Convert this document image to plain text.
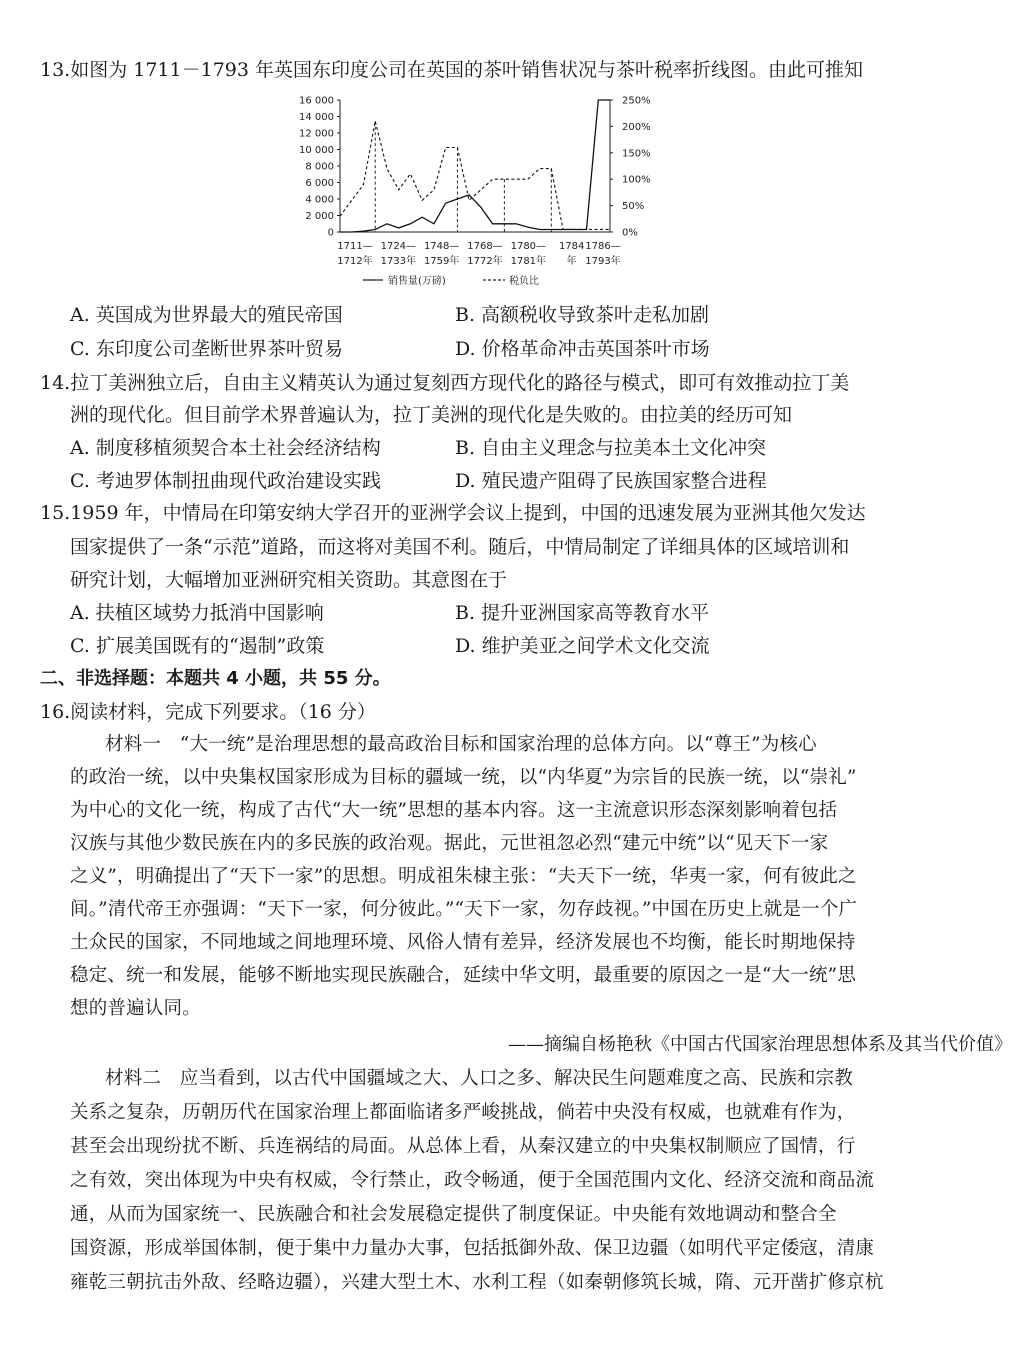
13.如图为 1711－1793 年英国东印度公司在英国的茶叶销售状况与茶叶税率折线图。由此可推知
16 000
14 000
12 000
10 000
8 000
6 000
4 000
2 000
0
250%
200%
150%
100%
50%
0%
1711—
1712年
1724—
1733年
1748—
1759年
1768—
1772年
1780—
1781年
1784
年
1786—
1793年
销售量(万磅)	税负比
A. 英国成为世界最大的殖民帝国	B. 高额税收导致茶叶走私加剧
C. 东印度公司垄断世界茶叶贸易	D. 价格革命冲击英国茶叶市场
14.拉丁美洲独立后，自由主义精英认为通过复刻西方现代化的路径与模式，即可有效推动拉丁美
洲的现代化。但目前学术界普遍认为，拉丁美洲的现代化是失败的。由拉美的经历可知
A. 制度移植须契合本土社会经济结构	B. 自由主义理念与拉美本土文化冲突
C. 考迪罗体制扭曲现代政治建设实践	D. 殖民遗产阻碍了民族国家整合进程
15.1959 年，中情局在印第安纳大学召开的亚洲学会议上提到，中国的迅速发展为亚洲其他欠发达
国家提供了一条“示范”道路，而这将对美国不利。随后，中情局制定了详细具体的区域培训和
研究计划，大幅增加亚洲研究相关资助。其意图在于
A. 扶植区域势力抵消中国影响	B. 提升亚洲国家高等教育水平
C. 扩展美国既有的“遏制”政策	D. 维护美亚之间学术文化交流
二、非选择题：本题共 4 小题，共 55 分。
16.阅读材料，完成下列要求。（16 分）
材料一　“大一统”是治理思想的最高政治目标和国家治理的总体方向。以“尊王”为核心
的政治一统，以中央集权国家形成为目标的疆域一统，以“内华夏”为宗旨的民族一统，以“崇礼”
为中心的文化一统，构成了古代“大一统”思想的基本内容。这一主流意识形态深刻影响着包括
汉族与其他少数民族在内的多民族的政治观。据此，元世祖忽必烈“建元中统”以“见天下一家
之义”，明确提出了“天下一家”的思想。明成祖朱棣主张：“夫天下一统，华夷一家，何有彼此之
间。”清代帝王亦强调：“天下一家，何分彼此。”“天下一家，勿存歧视。”中国在历史上就是一个广
土众民的国家，不同地域之间地理环境、风俗人情有差异，经济发展也不均衡，能长时期地保持
稳定、统一和发展，能够不断地实现民族融合，延续中华文明，最重要的原因之一是“大一统”思
想的普遍认同。
——摘编自杨艳秋《中国古代国家治理思想体系及其当代价值》
材料二　应当看到，以古代中国疆域之大、人口之多、解决民生问题难度之高、民族和宗教
关系之复杂，历朝历代在国家治理上都面临诸多严峻挑战，倘若中央没有权威，也就难有作为，
甚至会出现纷扰不断、兵连祸结的局面。从总体上看，从秦汉建立的中央集权制顺应了国情，行
之有效，突出体现为中央有权威，令行禁止，政令畅通，便于全国范围内文化、经济交流和商品流
通，从而为国家统一、民族融合和社会发展稳定提供了制度保证。中央能有效地调动和整合全
国资源，形成举国体制，便于集中力量办大事，包括抵御外敌、保卫边疆（如明代平定倭寇，清康
雍乾三朝抗击外敌、经略边疆），兴建大型土木、水利工程（如秦朝修筑长城，隋、元开凿扩修京杭
